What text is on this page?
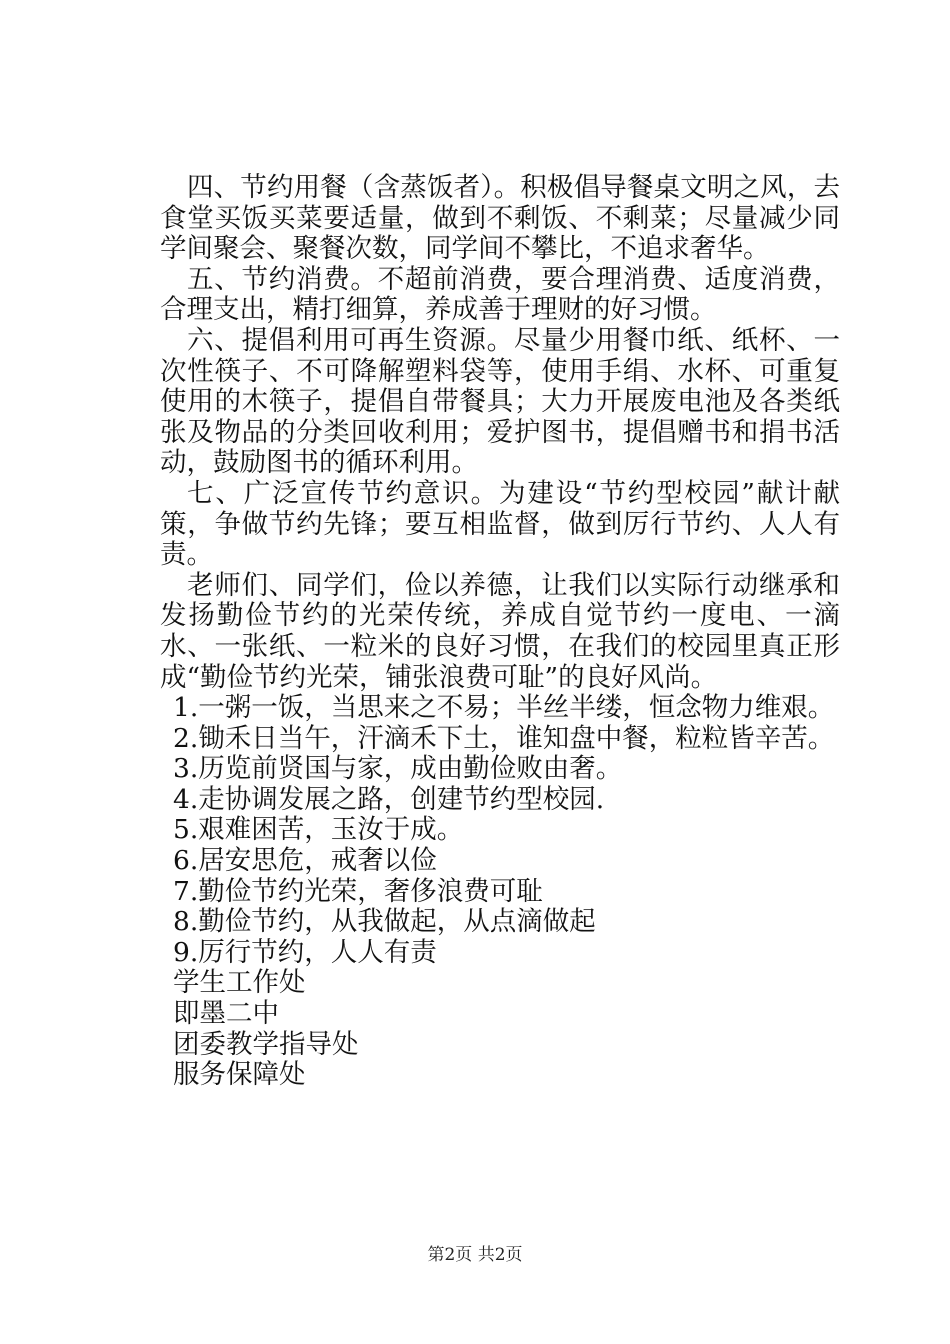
四、节约用餐（含蒸饭者）。积极倡导餐桌文明之风，去食堂买饭买菜要适量，做到不剩饭、不剩菜；尽量减少同学间聚会、聚餐次数，同学间不攀比，不追求奢华。

五、节约消费。不超前消费，要合理消费、适度消费，合理支出，精打细算，养成善于理财的好习惯。

六、提倡利用可再生资源。尽量少用餐巾纸、纸杯、一次性筷子、不可降解塑料袋等，使用手绢、水杯、可重复使用的木筷子，提倡自带餐具；大力开展废电池及各类纸张及物品的分类回收利用；爱护图书，提倡赠书和捐书活动，鼓励图书的循环利用。

七、广泛宣传节约意识。为建设“节约型校园”献计献策，争做节约先锋；要互相监督，做到厉行节约、人人有责。

老师们、同学们，俭以养德，让我们以实际行动继承和发扬勤俭节约的光荣传统，养成自觉节约一度电、一滴水、一张纸、一粒米的良好习惯，在我们的校园里真正形成“勤俭节约光荣，铺张浪费可耻”的良好风尚。

1.一粥一饭，当思来之不易；半丝半缕，恒念物力维艰。

2.锄禾日当午，汗滴禾下土，谁知盘中餐，粒粒皆辛苦。

3.历览前贤国与家，成由勤俭败由奢。

4.走协调发展之路，创建节约型校园.

5.艰难困苦，玉汝于成。

6.居安思危，戒奢以俭

7.勤俭节约光荣，奢侈浪费可耻

8.勤俭节约，从我做起，从点滴做起

9.厉行节约，人人有责

学生工作处

即墨二中

团委教学指导处

服务保障处

第2页 共2页
